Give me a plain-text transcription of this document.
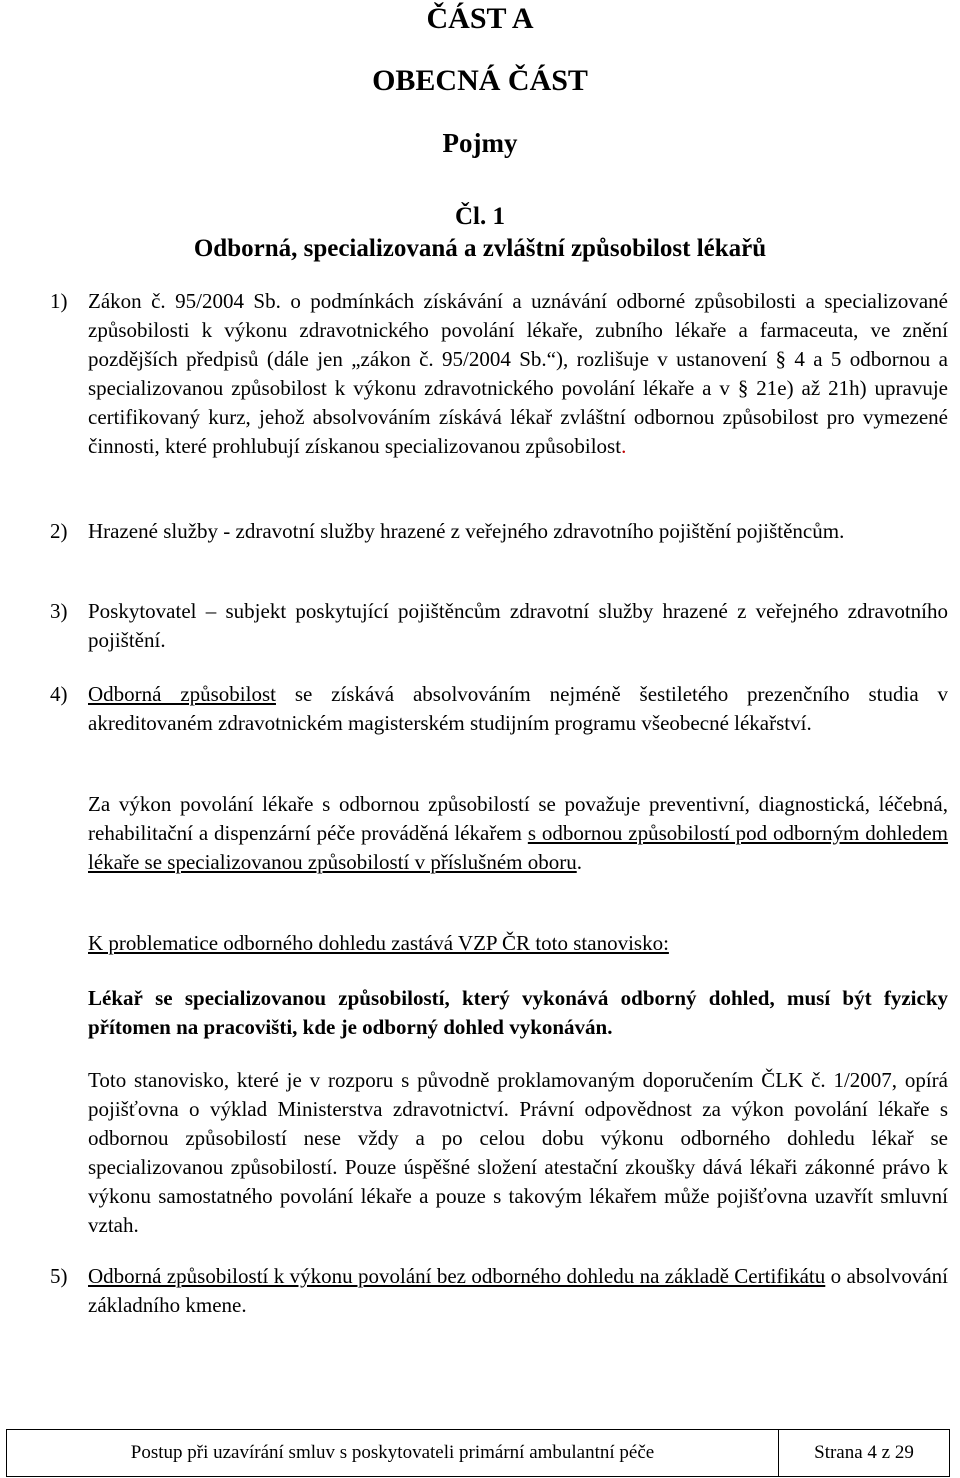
ČÁST A
OBECNÁ ČÁST
Pojmy
Čl. 1
Odborná, specializovaná a zvláštní způsobilost lékařů
1) Zákon č. 95/2004 Sb. o podmínkách získávání a uznávání odborné způsobilosti a specializované způsobilosti k výkonu zdravotnického povolání lékaře, zubního lékaře a farmaceuta, ve znění pozdějších předpisů (dále jen „zákon č. 95/2004 Sb.“), rozlišuje v ustanovení § 4 a 5 odbornou a specializovanou způsobilost k výkonu zdravotnického povolání lékaře a v § 21e) až 21h) upravuje certifikovaný kurz, jehož absolvováním získává lékař zvláštní odbornou způsobilost pro vymezené činnosti, které prohlubují získanou specializovanou způsobilost.

2) Hrazené služby - zdravotní služby hrazené z veřejného zdravotního pojištění pojištěncům.

3) Poskytovatel – subjekt poskytující pojištěncům zdravotní služby hrazené z veřejného zdravotního pojištění.

4) Odborná způsobilost se získává absolvováním nejméně šestiletého prezenčního studia v akreditovaném zdravotnickém magisterském studijním programu všeobecné lékařství.

Za výkon povolání lékaře s odbornou způsobilostí se považuje preventivní, diagnostická, léčebná, rehabilitační a dispenzární péče prováděná lékařem s odbornou způsobilostí pod odborným dohledem lékaře se specializovanou způsobilostí v příslušném oboru.

K problematice odborného dohledu zastává VZP ČR toto stanovisko:

Lékař se specializovanou způsobilostí, který vykonává odborný dohled, musí být fyzicky přítomen na pracovišti, kde je odborný dohled vykonáván.

Toto stanovisko, které je v rozporu s původně proklamovaným doporučením ČLK č. 1/2007, opírá pojišťovna o výklad Ministerstva zdravotnictví. Právní odpovědnost za výkon povolání lékaře s odbornou způsobilostí nese vždy a po celou dobu výkonu odborného dohledu lékař se specializovanou způsobilostí. Pouze úspěšné složení atestační zkoušky dává lékaři zákonné právo k výkonu samostatného povolání lékaře a pouze s takovým lékařem může pojišťovna uzavřít smluvní vztah.

5) Odborná způsobilostí k výkonu povolání bez odborného dohledu na základě Certifikátu o absolvování základního kmene.

Postup při uzavírání smluv s poskytovateli primární ambulantní péče	Strana 4 z 29
